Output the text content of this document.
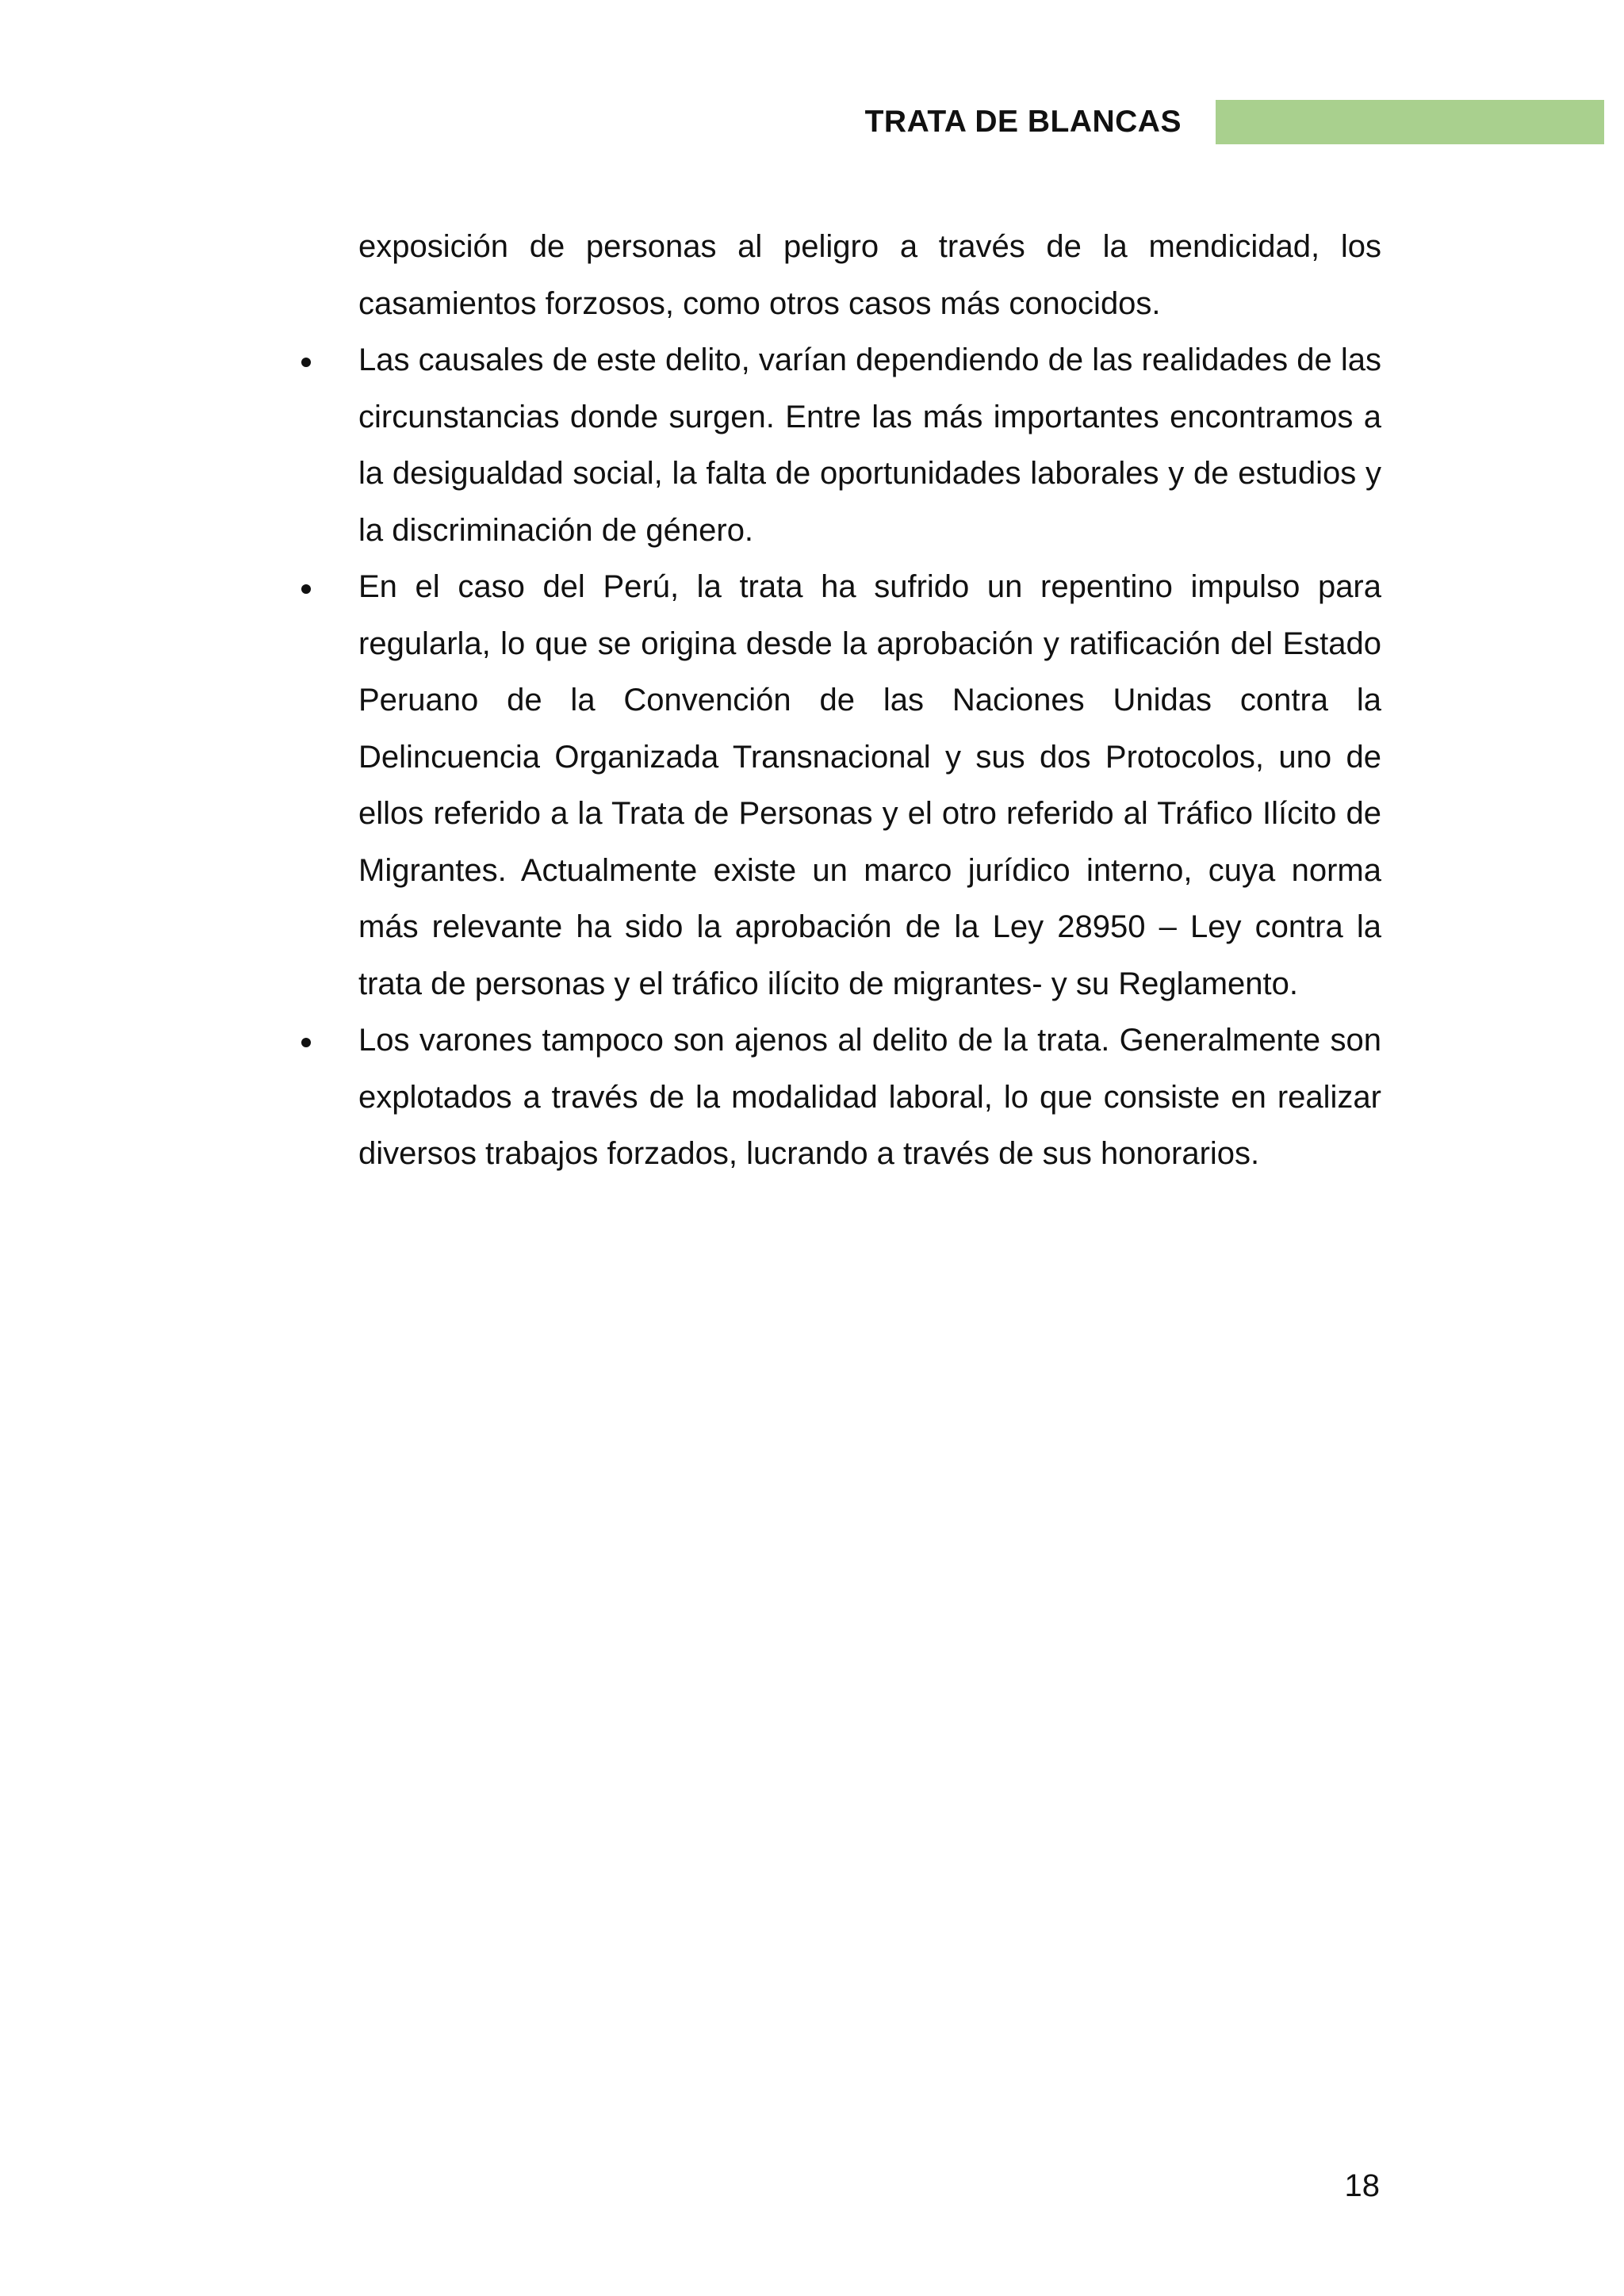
TRATA DE BLANCAS

exposición de personas al peligro a través de la mendicidad, los casamientos forzosos, como otros casos más conocidos.

Las causales de este delito, varían dependiendo de las realidades de las circunstancias donde surgen. Entre las más importantes encontramos a la desigualdad social, la falta de oportunidades laborales y de estudios y la discriminación de género.
En el caso del Perú, la trata ha sufrido un repentino impulso para regularla, lo que se origina desde la aprobación y ratificación del Estado Peruano de la Convención de las Naciones Unidas contra la Delincuencia Organizada Transnacional y sus dos Protocolos, uno de ellos referido a la Trata de Personas y el otro referido al Tráfico Ilícito de Migrantes. Actualmente existe un marco jurídico interno, cuya norma más relevante ha sido la aprobación de la Ley 28950 – Ley contra la trata de personas y el tráfico ilícito de migrantes- y su Reglamento.
Los varones tampoco son ajenos al delito de la trata. Generalmente son explotados a través de la modalidad laboral, lo que consiste en realizar diversos trabajos forzados, lucrando a través de sus honorarios.
18
